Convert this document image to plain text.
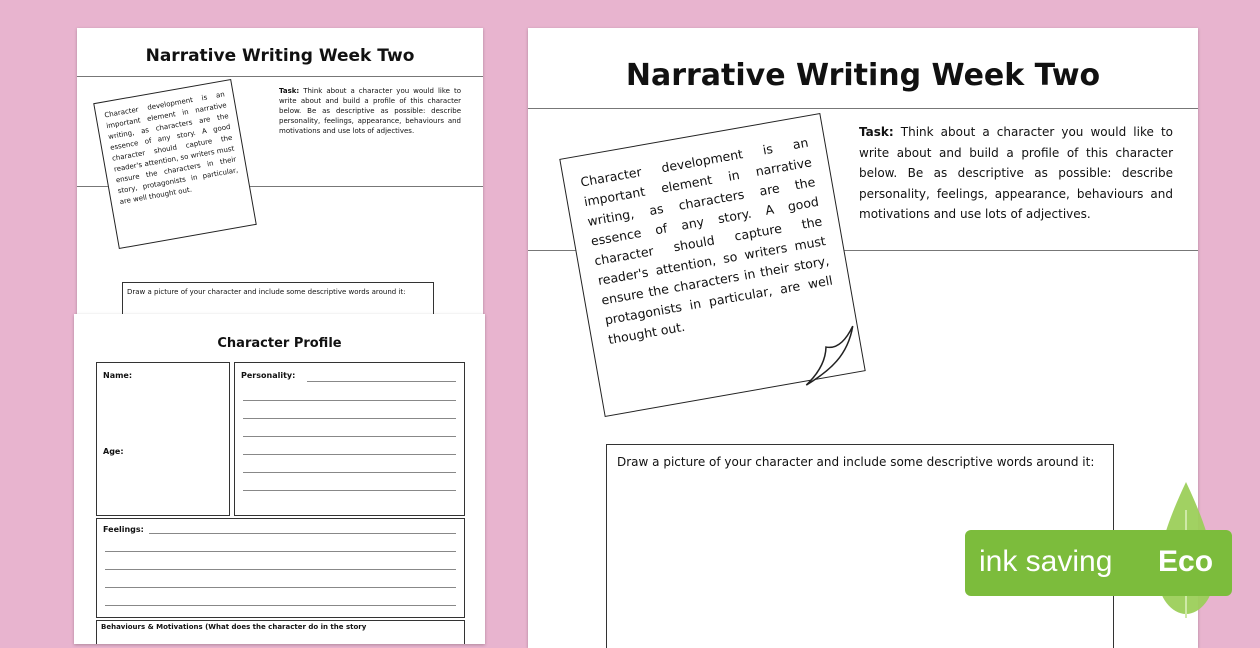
Narrative Writing Week Two

Character development is an important element in narrative writing, as characters are the essence of any story. A good character should capture the reader's attention, so writers must ensure the characters in their story, protagonists in particular, are well thought out.

Task: Think about a character you would like to write about and build a profile of this character below. Be as descriptive as possible: describe personality, feelings, appearance, behaviours and motivations and use lots of adjectives.
Draw a picture of your character and include some descriptive words around it:
Character Profile
Name:
Age:
Personality:
Feelings:
Behaviours & Motivations (What does the character do in the story
Narrative Writing Week Two

Character development is an important element in narrative writing, as characters are the essence of any story. A good character should capture the reader's attention, so writers must ensure the characters in their story, protagonists in particular, are well thought out.

Task: Think about a character you would like to write about and build a profile of this character below. Be as descriptive as possible: describe personality, feelings, appearance, behaviours and motivations and use lots of adjectives.
Draw a picture of your character and include some descriptive words around it:
ink saving Eco
